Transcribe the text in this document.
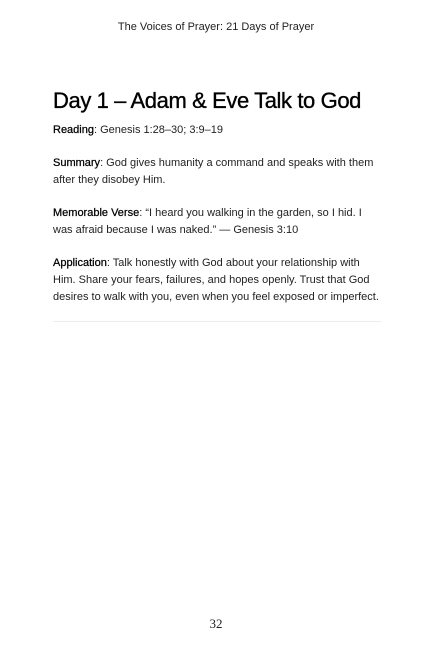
The Voices of Prayer: 21 Days of Prayer
Day 1 – Adam & Eve Talk to God

Reading: Genesis 1:28–30; 3:9–19

Summary: God gives humanity a command and speaks with them after they disobey Him.

Memorable Verse: “I heard you walking in the garden, so I hid. I was afraid because I was naked.” — Genesis 3:10

Application: Talk honestly with God about your relationship with Him. Share your fears, failures, and hopes openly. Trust that God desires to walk with you, even when you feel exposed or imperfect.

32
